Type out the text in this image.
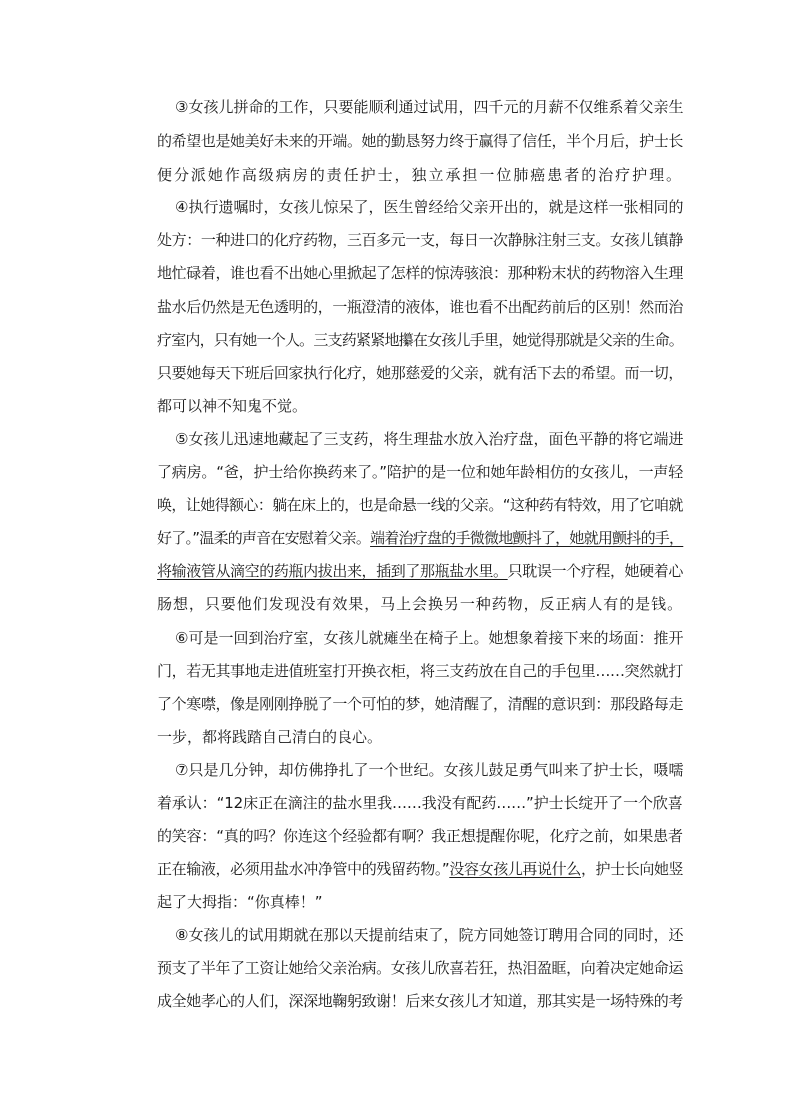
③女孩儿拼命的工作，只要能顺利通过试用，四千元的月薪不仅维系着父亲生
的希望也是她美好未来的开端。她的勤恳努力终于赢得了信任，半个月后，护士长
便分派她作高级病房的责任护士，独立承担一位肺癌患者的治疗护理。
④执行遗嘱时，女孩儿惊呆了，医生曾经给父亲开出的，就是这样一张相同的
处方：一种进口的化疗药物，三百多元一支，每日一次静脉注射三支。女孩儿镇静
地忙碌着，谁也看不出她心里掀起了怎样的惊涛骇浪：那种粉末状的药物溶入生理
盐水后仍然是无色透明的，一瓶澄清的液体，谁也看不出配药前后的区别！然而治
疗室内，只有她一个人。三支药紧紧地攥在女孩儿手里，她觉得那就是父亲的生命。
只要她每天下班后回家执行化疗，她那慈爱的父亲，就有活下去的希望。而一切，
都可以神不知鬼不觉。
⑤女孩儿迅速地藏起了三支药，将生理盐水放入治疗盘，面色平静的将它端进
了病房。“爸，护士给你换药来了。”陪护的是一位和她年龄相仿的女孩儿，一声轻
唤，让她得额心：躺在床上的，也是命悬一线的父亲。“这种药有特效，用了它咱就
好了。”温柔的声音在安慰着父亲。端着治疗盘的手微微地颤抖了，她就用颤抖的手，
将输液管从滴空的药瓶内拔出来，插到了那瓶盐水里。只耽误一个疗程，她硬着心
肠想，只要他们发现没有效果，马上会换另一种药物，反正病人有的是钱。
⑥可是一回到治疗室，女孩儿就瘫坐在椅子上。她想象着接下来的场面：推开
门，若无其事地走进值班室打开换衣柜，将三支药放在自己的手包里……突然就打
了个寒噤，像是刚刚挣脱了一个可怕的梦，她清醒了，清醒的意识到：那段路每走
一步，都将践踏自己清白的良心。
⑦只是几分钟，却仿佛挣扎了一个世纪。女孩儿鼓足勇气叫来了护士长，嗫嚅
着承认：“12床正在滴注的盐水里我……我没有配药……”护士长绽开了一个欣喜
的笑容：“真的吗？你连这个经验都有啊？我正想提醒你呢，化疗之前，如果患者
正在输液，必须用盐水冲净管中的残留药物。”没容女孩儿再说什么，护士长向她竖
起了大拇指：“你真棒！”
⑧女孩儿的试用期就在那以天提前结束了，院方同她签订聘用合同的同时，还
预支了半年了工资让她给父亲治病。女孩儿欣喜若狂，热泪盈眶，向着决定她命运
成全她孝心的人们，深深地鞠躬致谢！后来女孩儿才知道，那其实是一场特殊的考
